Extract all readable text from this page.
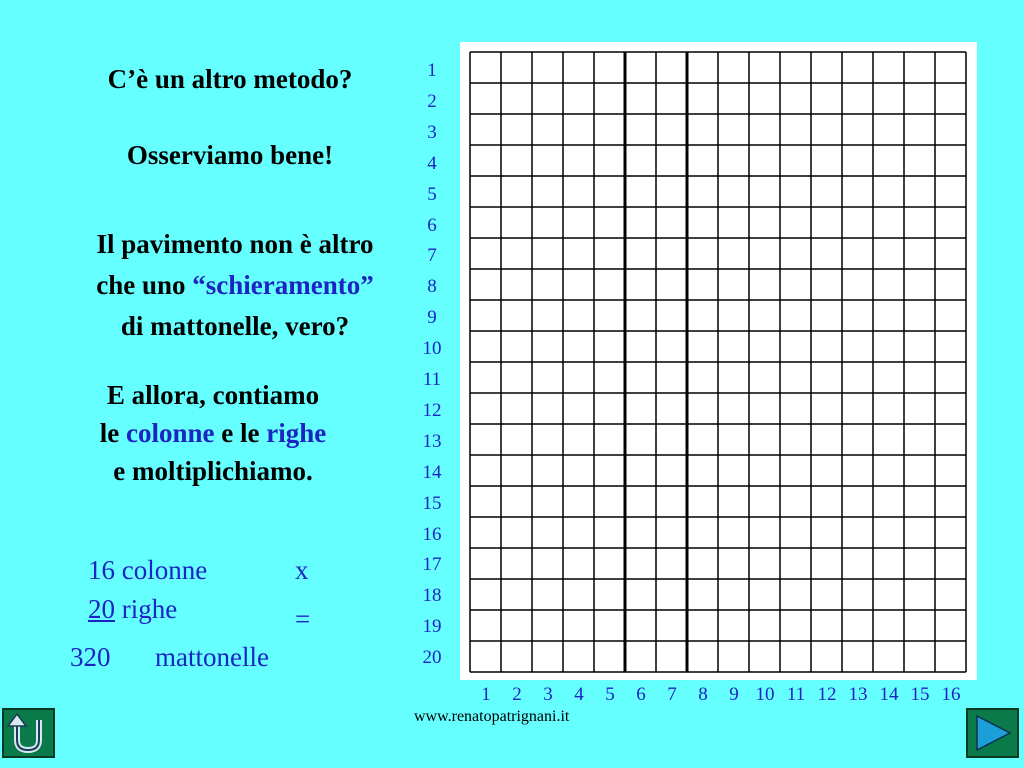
C’è un altro metodo?
Osserviamo bene!
Il pavimento non è altro
che uno “schieramento”
di mattonelle, vero?
E allora, contiamo
le colonne e le righe
e moltiplichiamo.
16 colonne	x
20 righe	=
320 mattonelle
1
2
3
4
5
6
7
8
9
10
11
12
13
14
15
16
17
18
19
20
1	2	3	4	5	6	7	8	9 10 11 12 13 14 15 16
www.renatopatrignani.it
